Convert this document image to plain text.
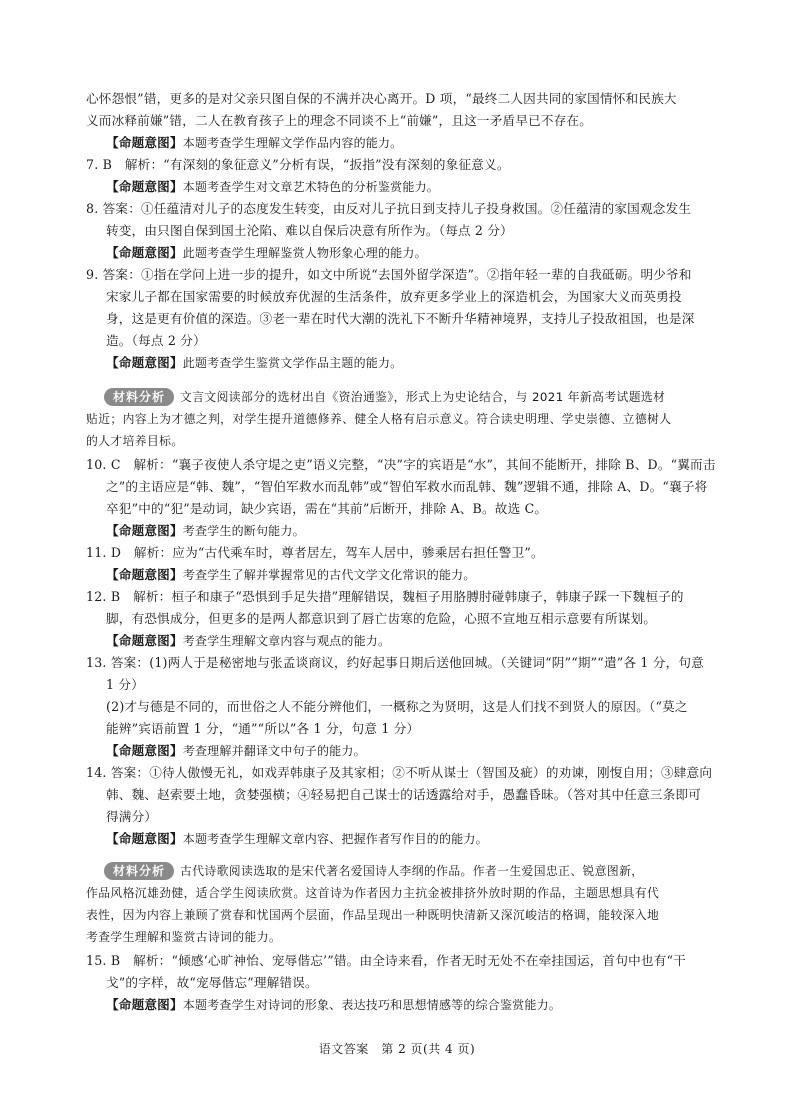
心怀怨恨”错，更多的是对父亲只图自保的不满并决心离开。D 项，“最终二人因共同的家国情怀和民族大
义而冰释前嫌”错，二人在教育孩子上的理念不同谈不上“前嫌”，且这一矛盾早已不存在。
【命题意图】本题考查学生理解文学作品内容的能力。
7. B　解析：“有深刻的象征意义”分析有误，“扳指”没有深刻的象征意义。
【命题意图】本题考查学生对文章艺术特色的分析鉴赏能力。
8. 答案：①任蕴清对儿子的态度发生转变，由反对儿子抗日到支持儿子投身救国。②任蕴清的家国观念发生
转变，由只图自保到国土沦陷、难以自保后决意有所作为。（每点 2 分）
【命题意图】此题考查学生理解鉴赏人物形象心理的能力。
9. 答案：①指在学问上进一步的提升，如文中所说“去国外留学深造”。②指年轻一辈的自我砥砺。明少爷和
宋家儿子都在国家需要的时候放弃优渥的生活条件，放弃更多学业上的深造机会，为国家大义而英勇投
身，这是更有价值的深造。③老一辈在时代大潮的洗礼下不断升华精神境界，支持儿子投敌祖国，也是深
造。（每点 2 分）
【命题意图】此题考查学生鉴赏文学作品主题的能力。
材料分析 文言文阅读部分的选材出自《资治通鉴》，形式上为史论结合，与 2021 年新高考试题选材
贴近；内容上为才德之判，对学生提升道德修养、健全人格有启示意义。符合读史明理、学史崇德、立德树人
的人才培养目标。
10. C　解析：“襄子夜使人杀守堤之吏”语义完整，“决”字的宾语是“水”，其间不能断开，排除 B、D。“翼而击
之”的主语应是“韩、魏”，“智伯军救水而乱韩”或“智伯军救水而乱韩、魏”逻辑不通，排除 A、D。“襄子将
卒犯”中的“犯”是动词，缺少宾语，需在“其前”后断开，排除 A、B。故选 C。
【命题意图】考查学生的断句能力。
11. D　解析：应为“古代乘车时，尊者居左，驾车人居中，骖乘居右担任警卫”。
【命题意图】考查学生了解并掌握常见的古代文学文化常识的能力。
12. B　解析：桓子和康子“恐惧到手足失措”理解错误，魏桓子用胳膊肘碰韩康子，韩康子踩一下魏桓子的
脚，有恐惧成分，但更多的是两人都意识到了唇亡齿寒的危险，心照不宣地互相示意要有所谋划。
【命题意图】考查学生理解文章内容与观点的能力。
13. 答案：(1)两人于是秘密地与张孟谈商议，约好起事日期后送他回城。（关键词“阴”“期”“遣”各 1 分，句意
1 分）
(2)才与德是不同的，而世俗之人不能分辨他们，一概称之为贤明，这是人们找不到贤人的原因。（“莫之
能辨”宾语前置 1 分，“通”“所以”各 1 分，句意 1 分）
【命题意图】考查理解并翻译文中句子的能力。
14. 答案：①待人傲慢无礼，如戏弄韩康子及其家相；②不听从谋士（智国及疵）的劝谏，刚愎自用；③肆意向
韩、魏、赵索要土地，贪婪强横；④轻易把自己谋士的话透露给对手，愚蠢昏昧。（答对其中任意三条即可
得满分）
【命题意图】本题考查学生理解文章内容、把握作者写作目的的能力。
材料分析 古代诗歌阅读选取的是宋代著名爱国诗人李纲的作品。作者一生爱国忠正、锐意图新，
作品风格沉雄劲健，适合学生阅读欣赏。这首诗为作者因力主抗金被排挤外放时期的作品，主题思想具有代
表性，因为内容上兼顾了赏春和忧国两个层面，作品呈现出一种既明快清新又深沉峻洁的格调，能较深入地
考查学生理解和鉴赏古诗词的能力。
15. B　解析：“倾感‘心旷神怡、宠辱偕忘’”错。由全诗来看，作者无时无处不在牵挂国运，首句中也有“干
戈”的字样，故“宠辱偕忘”理解错误。
【命题意图】本题考查学生对诗词的形象、表达技巧和思想情感等的综合鉴赏能力。
语文答案　第 2 页(共 4 页)
